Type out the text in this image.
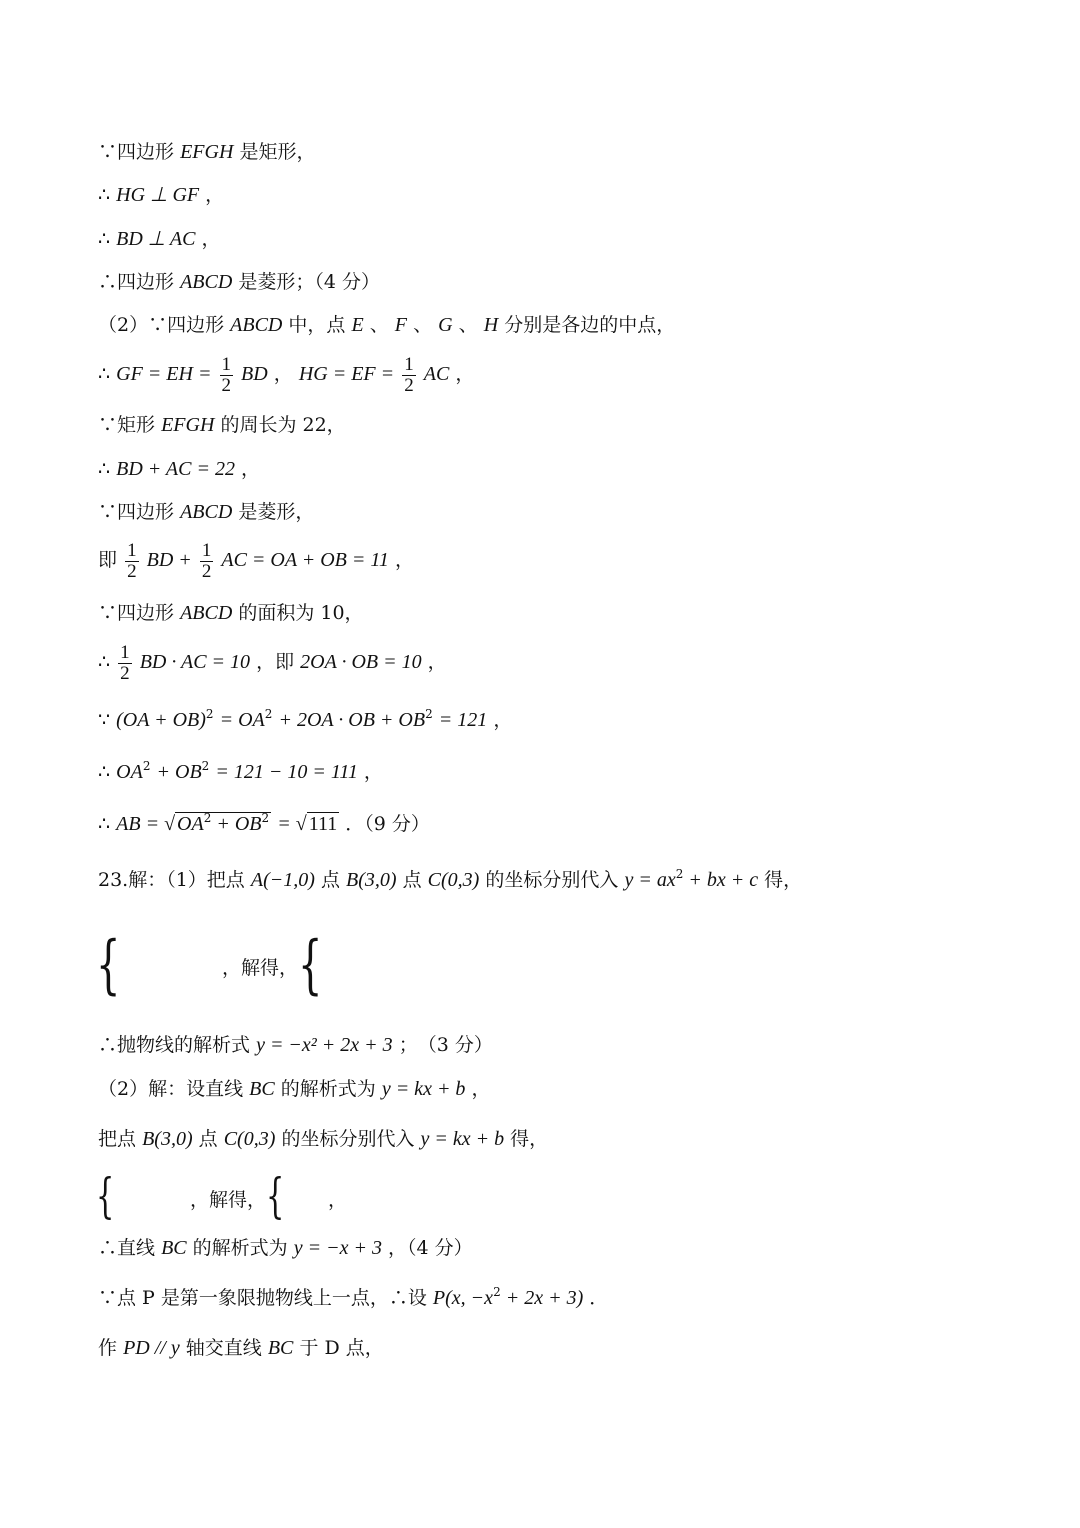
∵四边形 EFGH 是矩形，
∴ HG ⊥ GF ，
∴ BD ⊥ AC ，
∴四边形 ABCD 是菱形；（4 分）
（2）∵四边形 ABCD 中，点 E 、 F 、 G 、 H 分别是各边的中点，
∴ GF = EH = $\frac{1}{2}$ BD ， HG = EF = $\frac{1}{2}$ AC ，
∵矩形 EFGH 的周长为 22，
∴ BD + AC = 22 ，
∵四边形 ABCD 是菱形，
即 $\frac{1}{2}$ BD + $\frac{1}{2}$ AC = OA + OB = 11 ，
∵四边形 ABCD 的面积为 10，
∴ $\frac{1}{2}$ BD · AC = 10 ，即 2OA · OB = 10 ，
∵ $(OA + OB)^2 = OA^2 + 2OA$ · OB + $OB^2 = 121$ ，
∴ $OA^2 + OB^2 = 121 - 10 = 111$ ，
∴ AB = √ $OA^2 + OB^2$ = √ 111 ．（9 分）
23.解：（1）把点 A(−1,0) 点 B(3,0) 点 C(0,3) 的坐标分别代入 $y = ax^2$ + bx + c 得，
{	，解得， {
∴抛物线的解析式 y = −x² + 2x + 3 ；　（3 分）
（2）解：设直线 BC 的解析式为 y = kx + b ，
把点 B(3,0) 点 C(0,3) 的坐标分别代入 y = kx + b 得，
{	，解得， { ，
∴直线 BC 的解析式为 y = −x + 3 ，（4 分）
∵点 P 是第一象限抛物线上一点，∴设 P(x, $-x^2 + 2x + 3$) ．
作 PD // y 轴交直线 BC 于 D 点，
